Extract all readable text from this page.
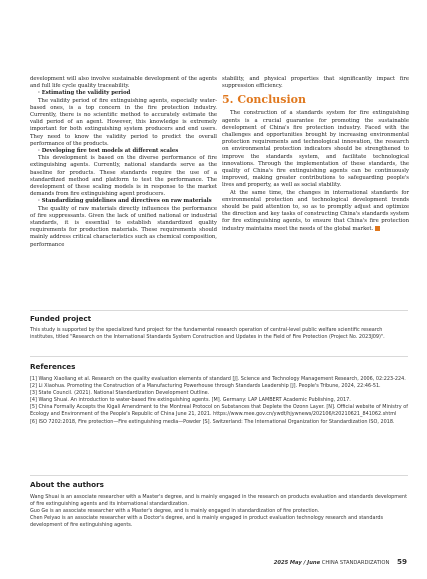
development will also involve sustainable development of the agents and full life cycle quality traceability.

· Estimating the validity period

The validity period of fire extinguishing agents, especially water-based ones, is a top concern in the fire protection industry. Currently, there is no scientific method to accurately estimate the valid period of an agent. However, this knowledge is extremely important for both extinguishing system producers and end users. They need to know the validity period to predict the overall performance of the products.

· Developing fire test models at different scales

This development is based on the diverse performance of fire extinguishing agents. Currently, national standards serve as the baseline for products. These standards require the use of a standardized method and platform to test the performance. The development of these scaling models is in response to the market demands from fire extinguishing agent producers.

· Standardizing guidelines and directives on raw materials

The quality of raw materials directly influences the performance of fire suppressants. Given the lack of unified national or industrial standards, it is essential to establish standardized quality requirements for production materials. These requirements should mainly address critical characteristics such as chemical composition, performance

stability, and physical properties that significantly impact fire suppression efficiency.

5. Conclusion

The construction of a standards system for fire extinguishing agents is a crucial guarantee for promoting the sustainable development of China's fire protection industry. Faced with the challenges and opportunities brought by increasing environmental protection requirements and technological innovation, the research on environmental protection indicators should be strengthened to improve the standards system, and facilitate technological innovations. Through the implementation of these standards, the quality of China's fire extinguishing agents can be continuously improved, making greater contributions to safeguarding people's lives and property, as well as social stability.

At the same time, the changes in international standards for environmental protection and technological development trends should be paid attention to, so as to promptly adjust and optimize the direction and key tasks of constructing China's standards system for fire extinguishing agents, to ensure that China's fire protection industry maintains meet the needs of the global market.

Funded project

This study is supported by the specialized fund project for the fundamental research operation of central-level public welfare scientific research institutes, titled "Research on the International Standards System Construction and Updates in the Field of Fire Protection (Project No. 2023J09)".

References

[1] Wang Xiaoliang et al. Research on the quality evaluation elements of standard [J]. Science and Technology Management Research, 2006, 02:223-224.

[2] Li Xiaohua. Promoting the Construction of a Manufacturing Powerhouse through Standards Leadership [J]. People's Tribune, 2024, 22:46-51.

[3] State Council. (2021). National Standardization Development Outline.

[4] Wang Shuai. An introduction to water-based fire extinguishing agents. [M]. Germany: LAP LAMBERT Academic Publishing, 2017.

[5] China Formally Accepts the Kigali Amendment to the Montreal Protocol on Substances that Deplete the Ozonn Layer. [N]. Official website of Ministry of Ecology and Environment of the People's Republic of China June 21, 2021. https://www.mee.gov.cn/ywdt/hjywnews/202106/t20210621_841062.shtml

[6] ISO 7202:2018, Fire protection—Fire extinguishing media—Powder [S]. Switzerland: The International Organization for Standardization ISO, 2018.

About the authors

Wang Shuai is an associate researcher with a Master's degree, and is mainly engaged in the research on products evaluation and standards development of fire extinguishing agents and its international standardization.

Guo Ge is an associate researcher with a Master's degree, and is mainly engaged in standardization of fire protection.

Chen Peiyao is an associate researcher with a Doctor's degree, and is mainly engaged in product evaluation technology research and standards development of fire extinguishing agents.

2025 May / June CHINA STANDARDIZATION 59
